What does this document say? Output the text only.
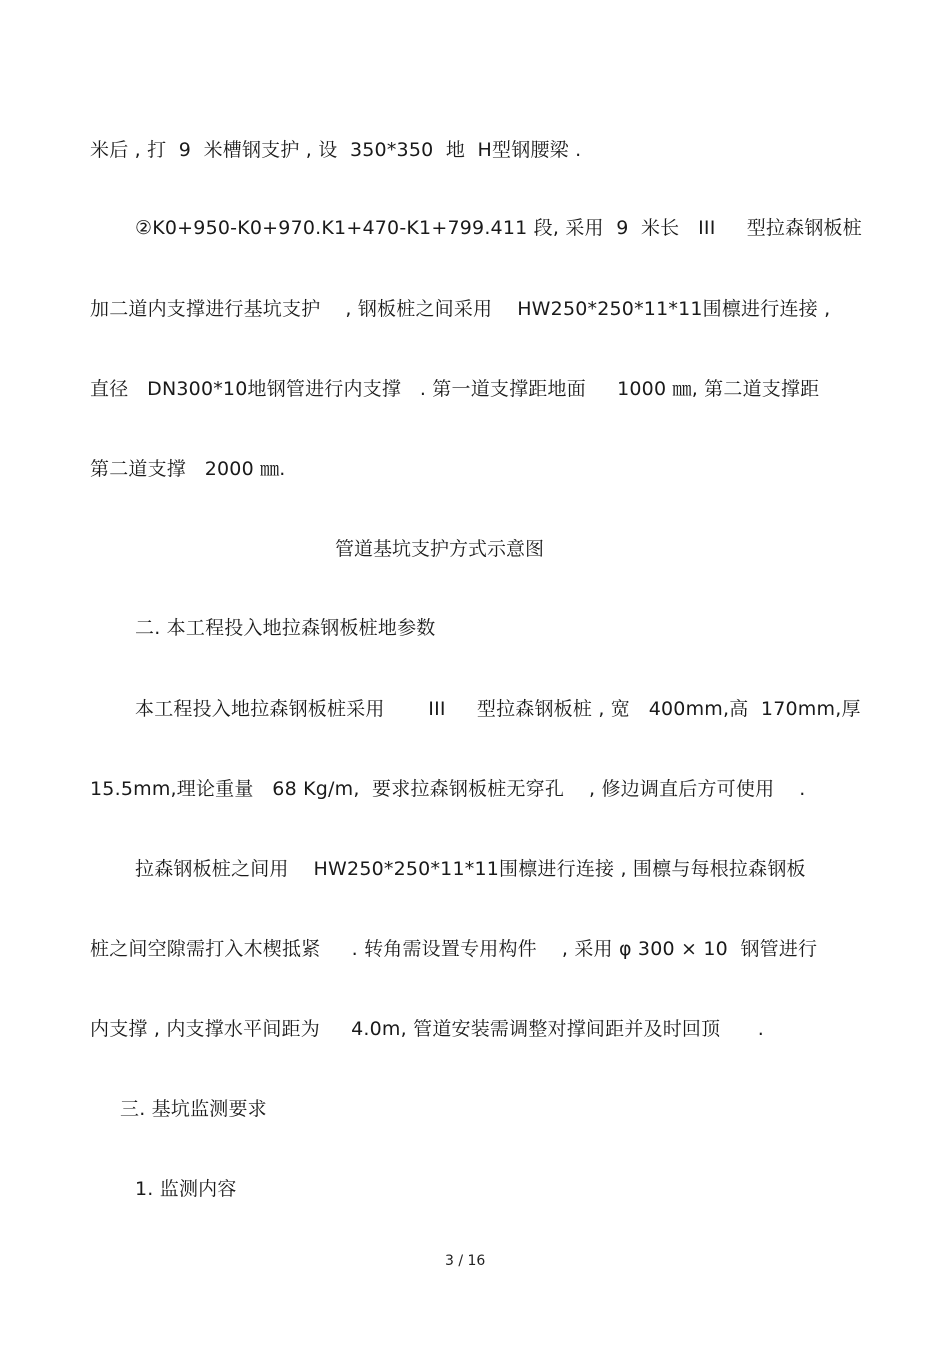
米后 , 打  9  米槽钢支护 , 设  350*350  地  H型钢腰梁 .
②K0+950-K0+970.K1+470-K1+799.411 段, 采用  9  米长   III     型拉森钢板桩
加二道内支撑进行基坑支护    , 钢板桩之间采用    HW250*250*11*11围檩进行连接 ,
直径   DN300*10地钢管进行内支撑   . 第一道支撑距地面     1000 ㎜, 第二道支撑距
第二道支撑   2000 ㎜.
管道基坑支护方式示意图
二. 本工程投入地拉森钢板桩地参数
本工程投入地拉森钢板桩采用       III     型拉森钢板桩 , 宽   400mm,高  170mm,厚
15.5mm,理论重量   68 Kg/m,  要求拉森钢板桩无穿孔    , 修边调直后方可使用    .
拉森钢板桩之间用    HW250*250*11*11围檩进行连接 , 围檩与每根拉森钢板
桩之间空隙需打入木楔抵紧     . 转角需设置专用构件    , 采用 φ 300 × 10  钢管进行
内支撑 , 内支撑水平间距为     4.0m, 管道安装需调整对撑间距并及时回顶      .
三. 基坑监测要求
1. 监测内容
3 / 16
